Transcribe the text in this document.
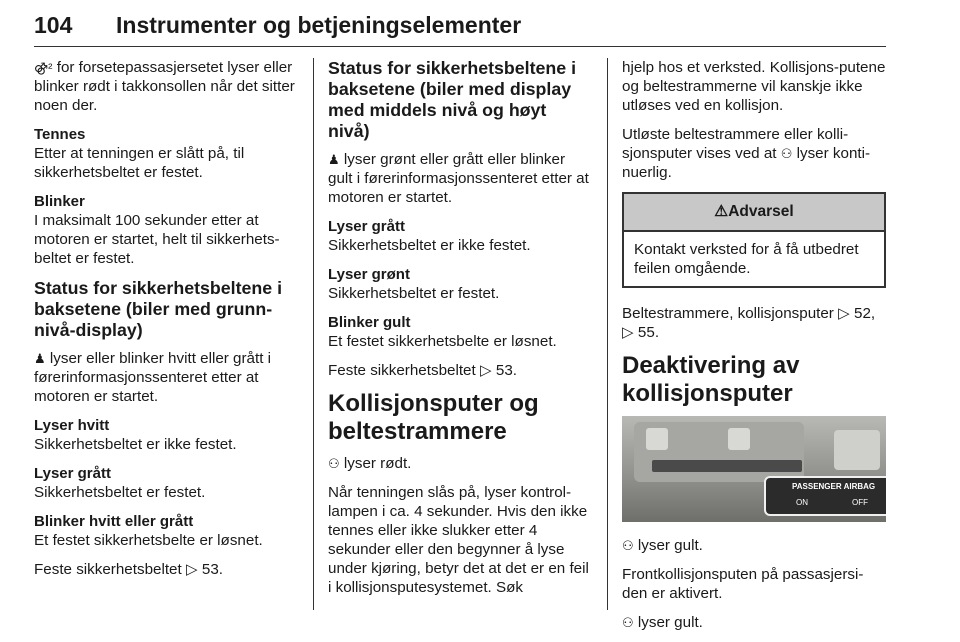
104 Instrumenter og betjeningselementer

⚣² for forsetepassasjersetet lyser eller blinker rødt i takkonsollen når det sitter noen der.

Tennes

Etter at tenningen er slått på, til sikkerhetsbeltet er festet.

Blinker

I maksimalt 100 sekunder etter at motoren er startet, helt til sikkerhets-beltet er festet.

Status for sikkerhetsbeltene i baksetene (biler med grunn-nivå-display)

♟ lyser eller blinker hvitt eller grått i førerinformasjonssenteret etter at motoren er startet.

Lyser hvitt

Sikkerhetsbeltet er ikke festet.

Lyser grått

Sikkerhetsbeltet er festet.

Blinker hvitt eller grått

Et festet sikkerhetsbelte er løsnet.

Feste sikkerhetsbeltet ▷ 53.

Status for sikkerhetsbeltene i baksetene (biler med display med middels nivå og høyt nivå)

♟ lyser grønt eller grått eller blinker gult i førerinformasjonssenteret etter at motoren er startet.

Lyser grått

Sikkerhetsbeltet er ikke festet.

Lyser grønt

Sikkerhetsbeltet er festet.

Blinker gult

Et festet sikkerhetsbelte er løsnet.

Feste sikkerhetsbeltet ▷ 53.

Kollisjonsputer og beltestrammere

⚇ lyser rødt.

Når tenningen slås på, lyser kontrol-lampen i ca. 4 sekunder. Hvis den ikke tennes eller ikke slukker etter 4 sekunder eller den begynner å lyse under kjøring, betyr det at det er en feil i kollisjonsputesystemet. Søk

hjelp hos et verksted. Kollisjons-putene og beltestrammerne vil kanskje ikke utløses ved en kollisjon.

Utløste beltestrammere eller kolli-sjonsputer vises ved at ⚇ lyser konti-nuerlig.

⚠Advarsel
Kontakt verksted for å få utbedret feilen omgående.

Beltestrammere, kollisjonsputer ▷ 52,
▷ 55.

Deaktivering av kollisjonsputer
PASSENGER AIRBAG
ON	OFF

⚇ lyser gult.

Frontkollisjonsputen på passasjersi-den er aktivert.

⚇ lyser gult.
